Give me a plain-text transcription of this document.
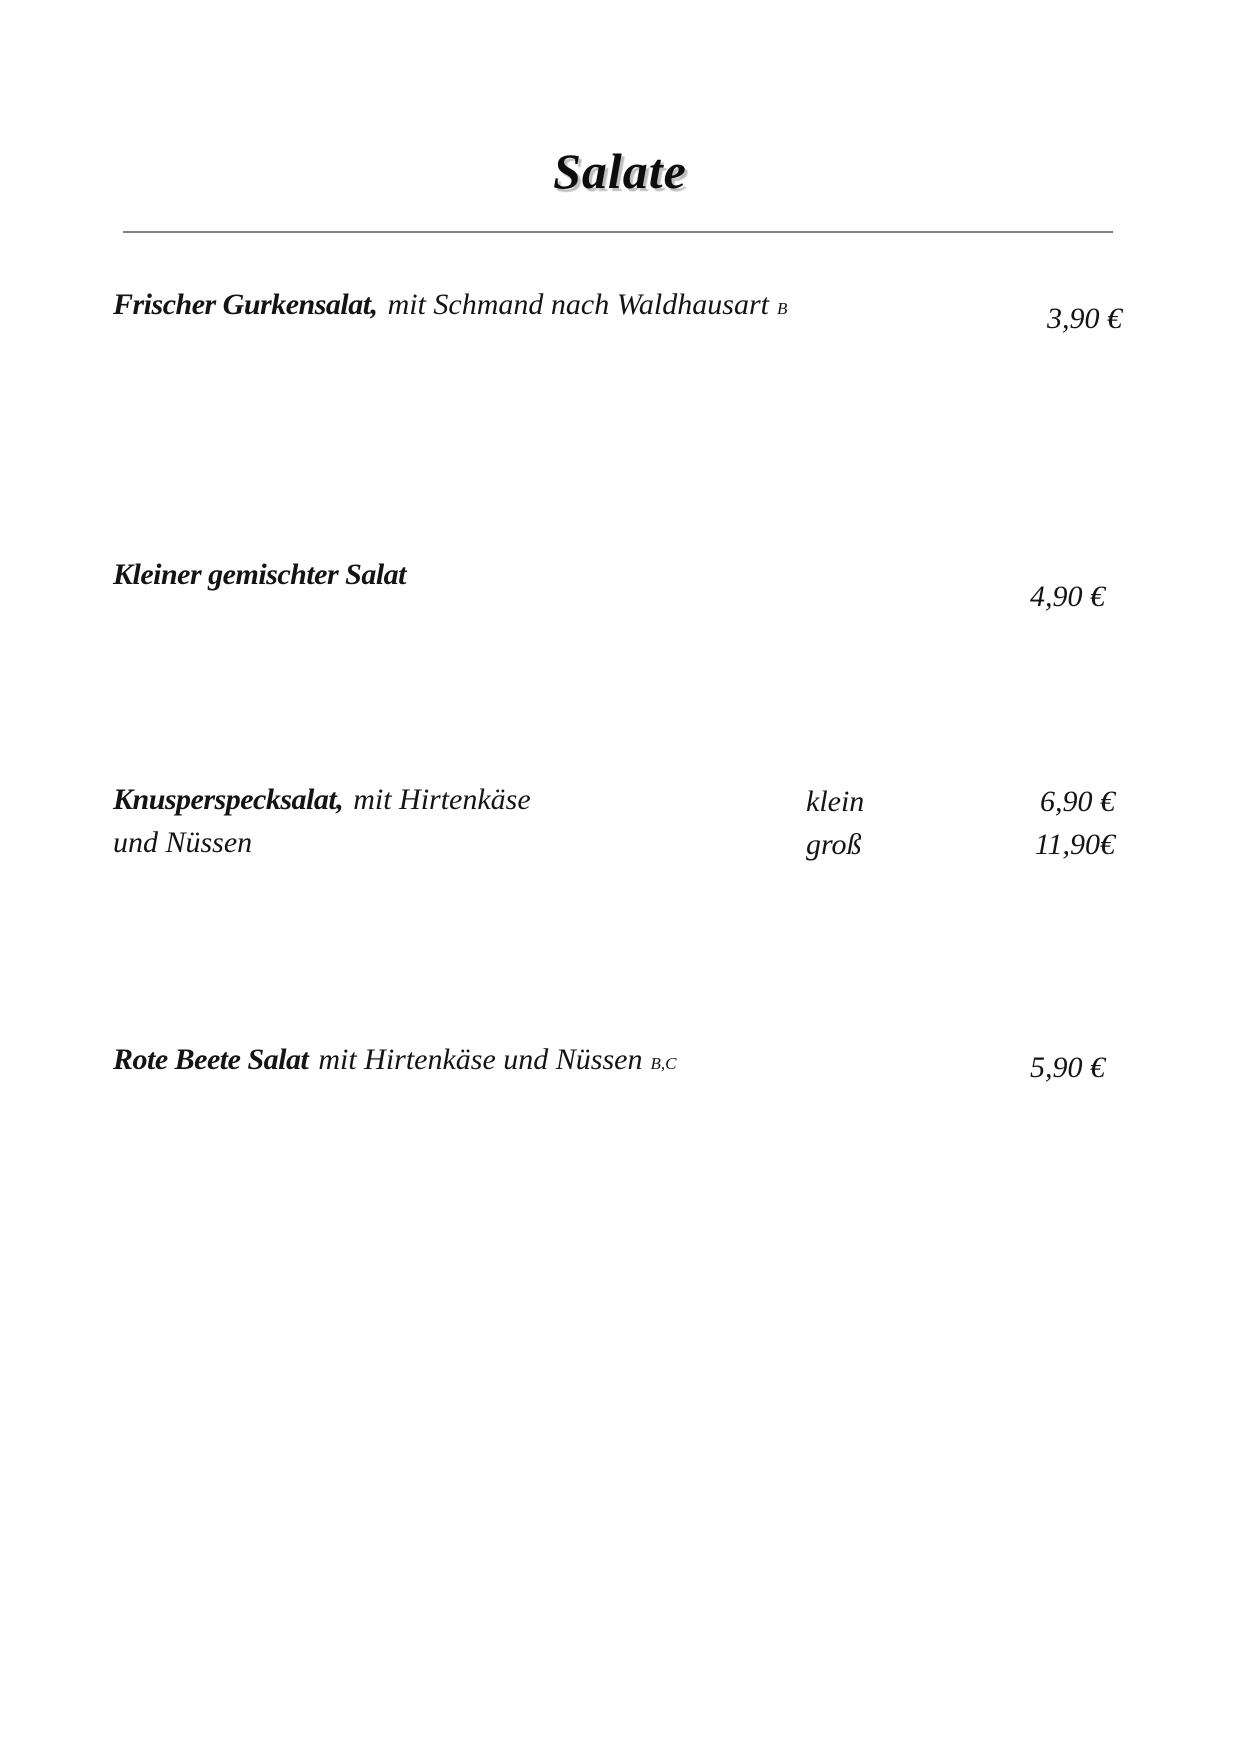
Salate
Frischer Gurkensalat, mit Schmand nach Waldhausart B	3,90 €
Kleiner gemischter Salat
4,90 €
Knusperspecksalat, mit Hirtenkäse
und Nüssen
klein
groß
6,90 €
11,90€
Rote Beete Salat mit Hirtenkäse und Nüssen B,C	5,90 €
